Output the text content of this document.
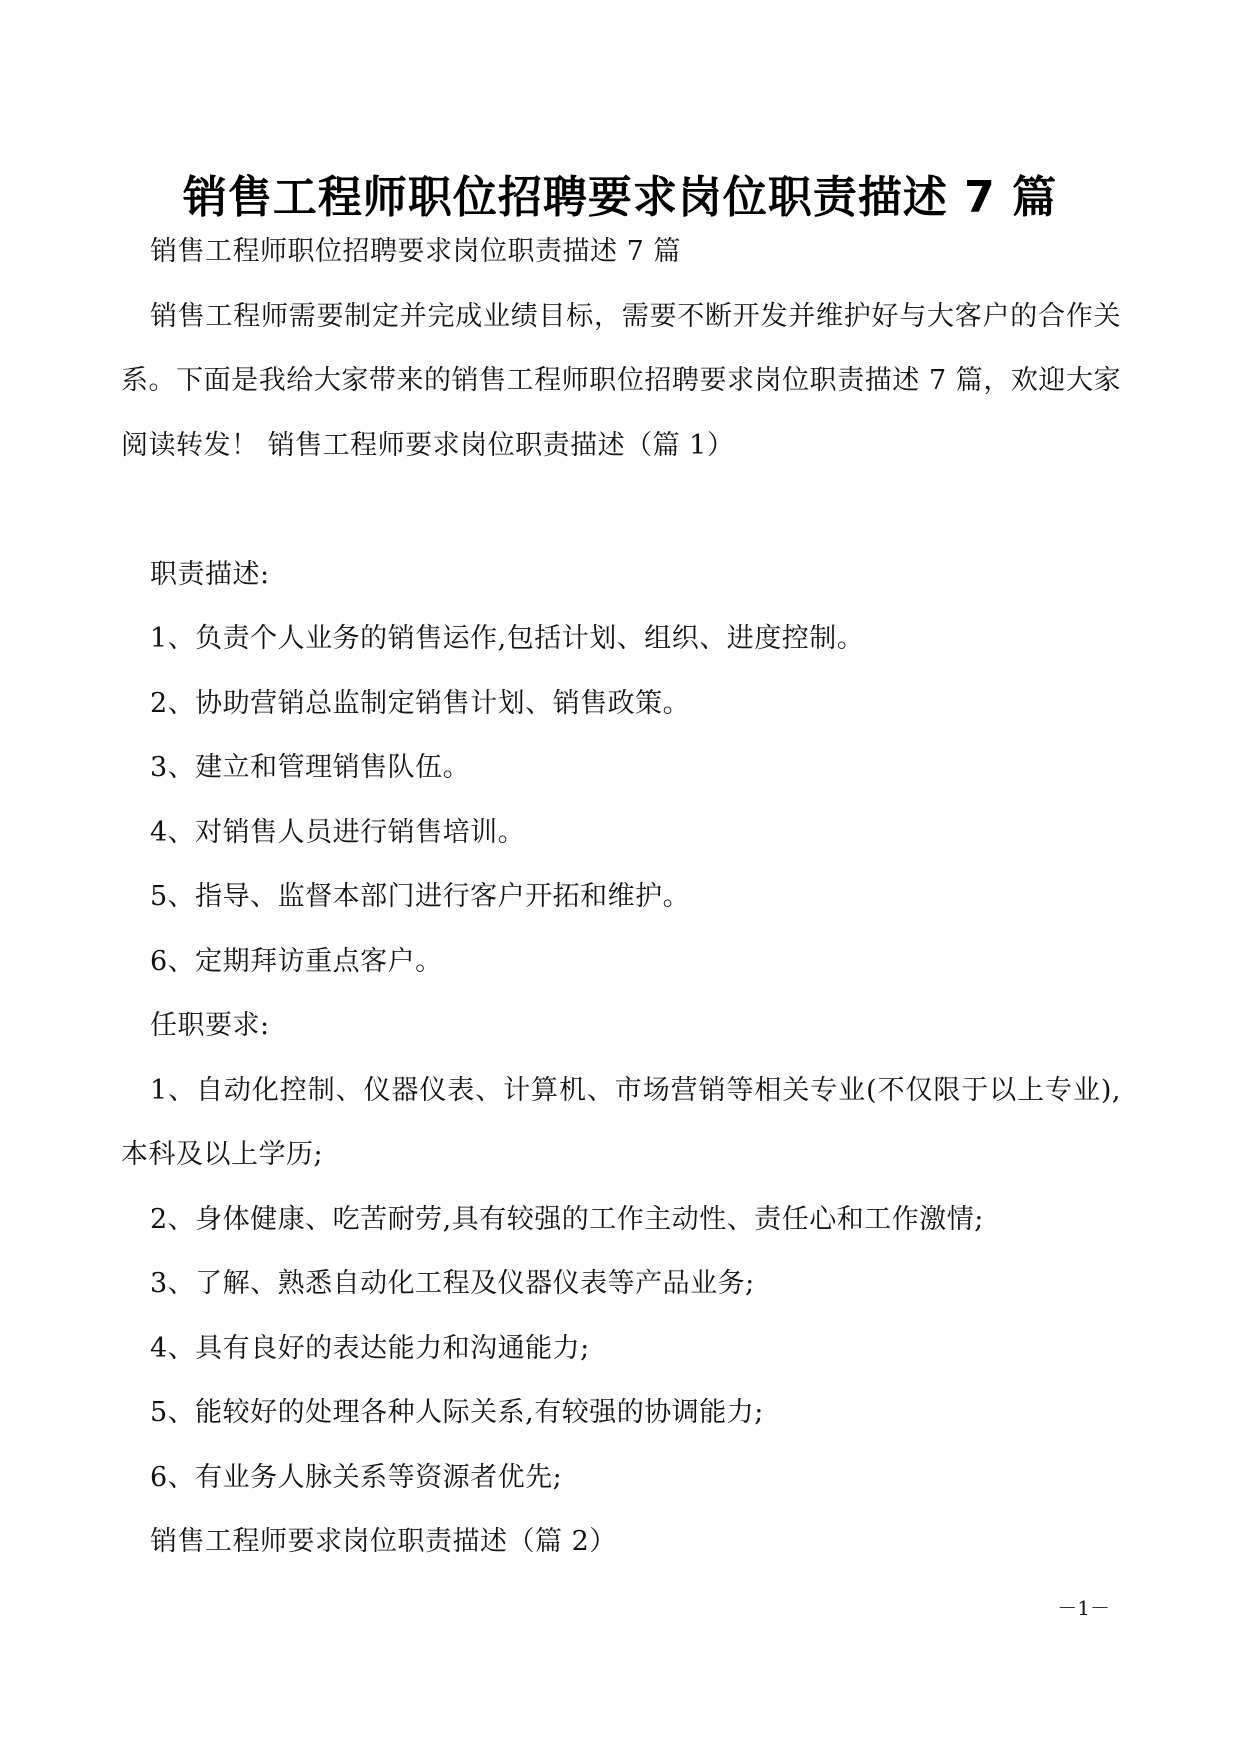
销售工程师职位招聘要求岗位职责描述 7 篇
销售工程师职位招聘要求岗位职责描述 7 篇
销售工程师需要制定并完成业绩目标，需要不断开发并维护好与大客户的合作关系。下面是我给大家带来的销售工程师职位招聘要求岗位职责描述 7 篇，欢迎大家阅读转发！ 销售工程师要求岗位职责描述（篇 1）
职责描述:
1、负责个人业务的销售运作,包括计划、组织、进度控制。
2、协助营销总监制定销售计划、销售政策。
3、建立和管理销售队伍。
4、对销售人员进行销售培训。
5、指导、监督本部门进行客户开拓和维护。
6、定期拜访重点客户。
任职要求:
1、自动化控制、仪器仪表、计算机、市场营销等相关专业(不仅限于以上专业),本科及以上学历;
2、身体健康、吃苦耐劳,具有较强的工作主动性、责任心和工作激情;
3、了解、熟悉自动化工程及仪器仪表等产品业务;
4、具有良好的表达能力和沟通能力;
5、能较好的处理各种人际关系,有较强的协调能力;
6、有业务人脉关系等资源者优先;
销售工程师要求岗位职责描述（篇 2）
－1－
